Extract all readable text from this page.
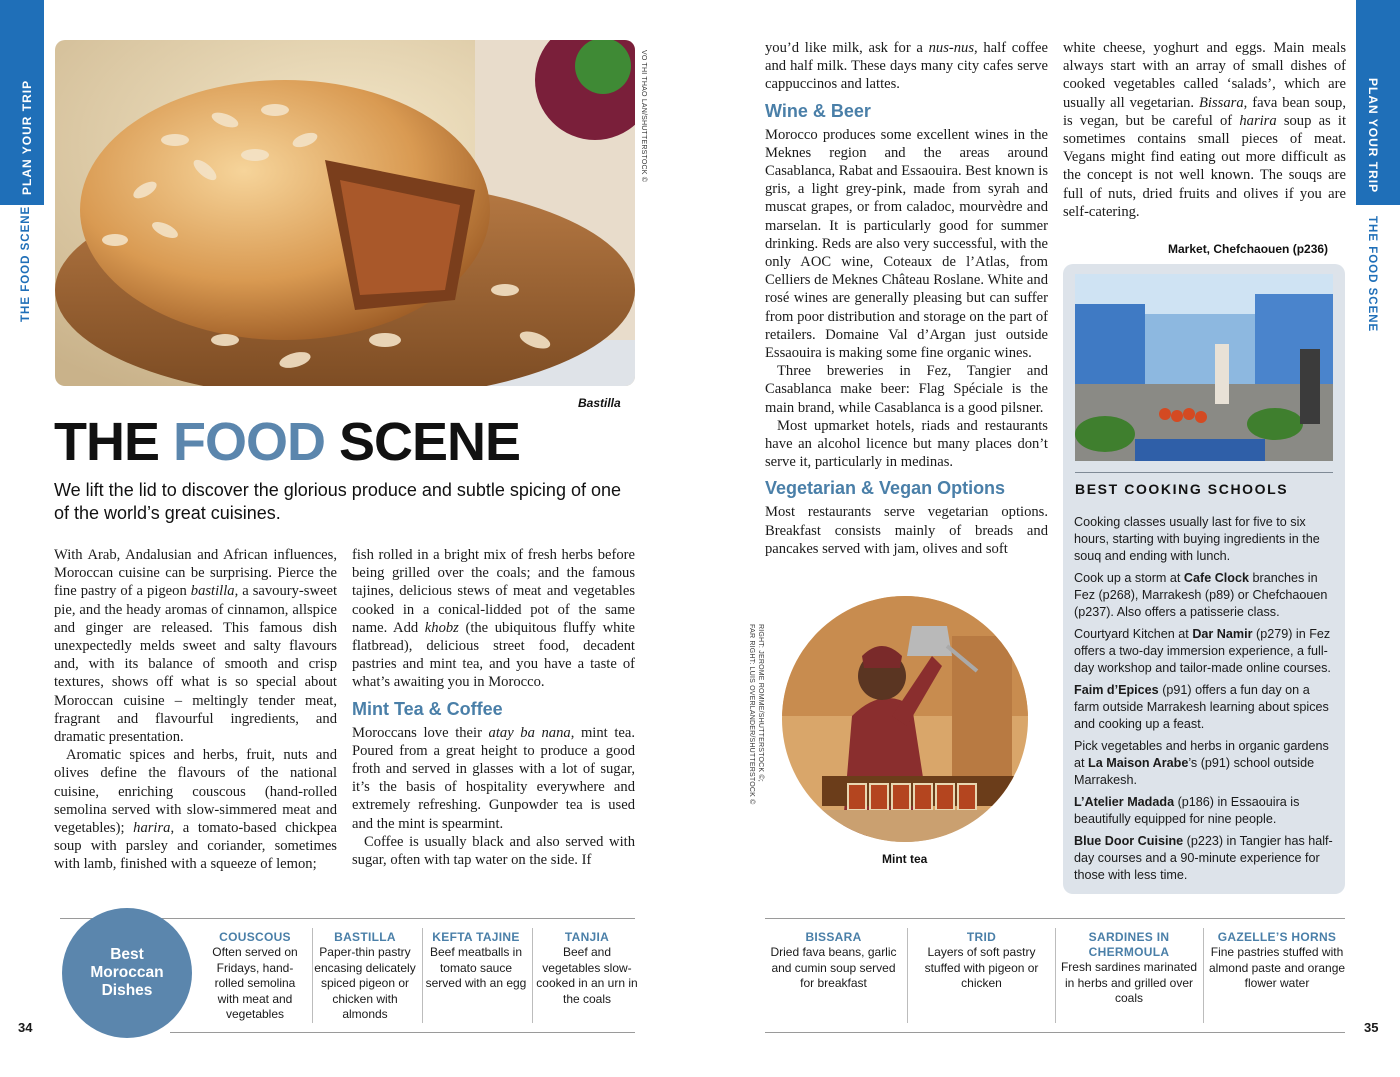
PLAN YOUR TRIP
THE FOOD SCENE
PLAN YOUR TRIP
THE FOOD SCENE
VO THI THAO LAN/SHUTTERSTOCK ©
Bastilla
THE FOOD SCENE
We lift the lid to discover the glorious produce and subtle spicing of one of the world’s great cuisines.

With Arab, Andalusian and African influences, Moroccan cuisine can be surprising. Pierce the fine pastry of a pigeon bastilla, a savoury-sweet pie, and the heady aromas of cinnamon, allspice and ginger are released. This famous dish unexpectedly melds sweet and salty flavours and, with its balance of smooth and crisp textures, shows off what is so special about Moroccan cuisine – meltingly tender meat, fragrant and flavourful ingredients, and dramatic presentation.

Aromatic spices and herbs, fruit, nuts and olives define the flavours of the national cuisine, enriching couscous (hand-rolled semolina served with slow-simmered meat and vegetables); harira, a tomato-based chickpea soup with parsley and coriander, sometimes with lamb, finished with a squeeze of lemon;

fish rolled in a bright mix of fresh herbs before being grilled over the coals; and the famous tajines, delicious stews of meat and vegetables cooked in a conical-lidded pot of the same name. Add khobz (the ubiquitous fluffy white flatbread), delicious street food, decadent pastries and mint tea, and you have a taste of what’s awaiting you in Morocco.

Mint Tea & Coffee

Moroccans love their atay ba nana, mint tea. Poured from a great height to produce a good froth and served in glasses with a lot of sugar, it’s the basis of hospitality everywhere and extremely refreshing. Gunpowder tea is used and the mint is spearmint.

Coffee is usually black and also served with sugar, often with tap water on the side. If

you’d like milk, ask for a nus-nus, half coffee and half milk. These days many city cafes serve cappuccinos and lattes.

Wine & Beer

Morocco produces some excellent wines in the Meknes region and the areas around Casablanca, Rabat and Essaouira. Best known is gris, a light grey-pink, made from syrah and muscat grapes, or from caladoc, mourvèdre and marselan. It is particularly good for summer drinking. Reds are also very successful, with the only AOC wine, Coteaux de l’Atlas, from Celliers de Meknes Château Roslane. White and rosé wines are generally pleasing but can suffer from poor distribution and storage on the part of retailers. Domaine Val d’Argan just outside Essaouira is making some fine organic wines.

Three breweries in Fez, Tangier and Casablanca make beer: Flag Spéciale is the main brand, while Casablanca is a good pilsner.

Most upmarket hotels, riads and restaurants have an alcohol licence but many places don’t serve it, particularly in medinas.

Vegetarian & Vegan Options

Most restaurants serve vegetarian options. Breakfast consists mainly of breads and pancakes served with jam, olives and soft

white cheese, yoghurt and eggs. Main meals always start with an array of small dishes of cooked vegetables called ‘salads’, which are usually all vegetarian. Bissara, fava bean soup, is vegan, but be careful of harira soup as it sometimes contains small pieces of meat. Vegans might find eating out more difficult as the concept is not well known. The souqs are full of nuts, dried fruits and olives if you are self-catering.

RIGHT: JEROME ROMME/SHUTTERSTOCK ©;
FAR RIGHT: LUIS OVERLANDER/SHUTTERSTOCK ©
Mint tea
Market, Chefchaouen (p236)
BEST COOKING SCHOOLS

Cooking classes usually last for five to six hours, starting with buying ingredients in the souq and ending with lunch.

Cook up a storm at Cafe Clock branches in Fez (p268), Marrakesh (p89) or Chefchaouen (p237). Also offers a patisserie class.

Courtyard Kitchen at Dar Namir (p279) in Fez offers a two-day immersion experience, a full-day workshop and tailor-made online courses.

Faim d’Epices (p91) offers a fun day on a farm outside Marrakesh learning about spices and cooking up a feast.

Pick vegetables and herbs in organic gardens at La Maison Arabe’s (p91) school outside Marrakesh.

L’Atelier Madada (p186) in Essaouira is beautifully equipped for nine people.

Blue Door Cuisine (p223) in Tangier has half-day courses and a 90-minute experience for those with less time.

Best Moroccan Dishes
COUSCOUS
Often served on Fridays, hand-rolled semolina with meat and vegetables
BASTILLA
Paper-thin pastry encasing delicately spiced pigeon or chicken with almonds
KEFTA TAJINE
Beef meatballs in tomato sauce served with an egg
TANJIA
Beef and vegetables slow-cooked in an urn in the coals
BISSARA
Dried fava beans, garlic and cumin soup served for breakfast
TRID
Layers of soft pastry stuffed with pigeon or chicken
SARDINES IN CHERMOULA
Fresh sardines marinated in herbs and grilled over coals
GAZELLE’S HORNS
Fine pastries stuffed with almond paste and orange flower water
34	35
